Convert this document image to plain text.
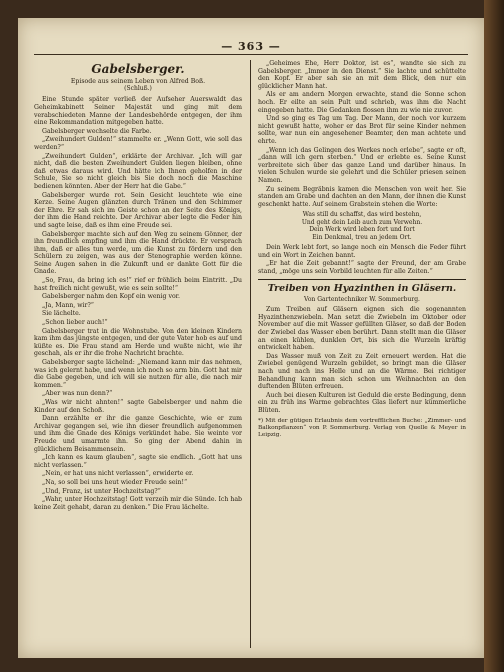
— 363 —
Gabelsberger.
Episode aus seinem Leben von Alfred Boß.
(Schluß.)

Eine Stunde später verließ der Aufseher Auerswaldt das Geheimkabinett Seiner Majestät und ging mit dem verabschiedeten Manne der Landesbehörde entgegen, der ihm eine Rekommandation mitgegeben hatte.

Gabelsberger wechselte die Farbe.

„Zweihundert Gulden!“ stammelte er. „Wenn Gott, wie soll das werden?“

„Zweihundert Gulden“, erklärte der Archivar. „Ich will gar nicht, daß die besten Zweihundert Gulden liegen bleiben, ohne daß etwas daraus wird. Und hätte ich Ihnen geholfen in der Schule, Sie so nicht gleich bis Sie doch noch die Maschine bedienen könnten. Aber der Herr hat die Gabe.“

Gabelsberger wurde rot. Sein Gesicht leuchtete wie eine Kerze. Seine Augen glänzten durch Tränen und den Schimmer der Ehre. Er sah sich im Geiste schon an der Seite des Königs, der ihm die Hand reichte. Der Archivar aber legte die Feder hin und sagte leise, daß es ihm eine Freude sei.

Gabelsberger machte sich auf den Weg zu seinem Gönner, der ihn freundlich empfing und ihm die Hand drückte. Er versprach ihm, daß er alles tun werde, um die Kunst zu fördern und den Schülern zu zeigen, was aus der Stenographie werden könne. Seine Augen sahen in die Zukunft und er dankte Gott für die Gnade.

„So, Frau, da bring ich es!“ rief er fröhlich beim Eintritt. „Du hast freilich nicht gewußt, wie es sein sollte!“

Gabelsberger nahm den Kopf ein wenig vor.

„Ja, Mann, wir?“

Sie lächelte.

„Schon lieber auch!“

Gabelsberger trat in die Wohnstube. Von den kleinen Kindern kam ihm das jüngste entgegen, und der gute Vater hob es auf und küßte es. Die Frau stand am Herde und wußte nicht, wie ihr geschah, als er ihr die frohe Nachricht brachte.

Gabelsberger sagte lächelnd: „Niemand kann mir das nehmen, was ich gelernt habe, und wenn ich noch so arm bin. Gott hat mir die Gabe gegeben, und ich will sie nutzen für alle, die nach mir kommen.“

„Aber was nun denn?“

„Was wir nicht ahnten!“ sagte Gabelsberger und nahm die Kinder auf den Schoß.

Dann erzählte er ihr die ganze Geschichte, wie er zum Archivar gegangen sei, wie ihn dieser freundlich aufgenommen und ihm die Gnade des Königs verkündet habe. Sie weinte vor Freude und umarmte ihn. So ging der Abend dahin in glücklichem Beisammensein.

„Ich kann es kaum glauben“, sagte sie endlich. „Gott hat uns nicht verlassen.“

„Nein, er hat uns nicht verlassen“, erwiderte er.

„Na, so soll bei uns heut wieder Freude sein!“

„Und, Franz, ist unter Hochzeitstag?“

„Wahr, unter Hochzeitstag! Gott verzeih mir die Sünde. Ich hab keine Zeit gehabt, daran zu denken.“ Die Frau lächelte.

„Geheimes Ehe, Herr Doktor, ist es“, wandte sie sich zu Gabelsberger. „Immer in den Dienst.“ Sie lachte und schüttelte den Kopf. Er aber sah sie an mit dem Blick, den nur ein glücklicher Mann hat.

Als er am andern Morgen erwachte, stand die Sonne schon hoch. Er eilte an sein Pult und schrieb, was ihm die Nacht eingegeben hatte. Die Gedanken flossen ihm zu wie nie zuvor.

Und so ging es Tag um Tag. Der Mann, der noch vor kurzem nicht gewußt hatte, woher er das Brot für seine Kinder nehmen sollte, war nun ein angesehener Beamter, den man achtete und ehrte.

„Wenn ich das Gelingen des Werkes noch erlebe“, sagte er oft, „dann will ich gern sterben.“ Und er erlebte es. Seine Kunst verbreitete sich über das ganze Land und darüber hinaus. In vielen Schulen wurde sie gelehrt und die Schüler priesen seinen Namen.

Zu seinem Begräbnis kamen die Menschen von weit her. Sie standen am Grabe und dachten an den Mann, der ihnen die Kunst geschenkt hatte. Auf seinem Grabstein stehen die Worte:

Was still du schaffst, das wird bestehn,
Und geht dein Leib auch zum Verwehn.
Dein Werk wird leben fort und fort
Ein Denkmal, treu an jedem Ort.

Dein Werk lebt fort, so lange noch ein Mensch die Feder führt und ein Wort in Zeichen bannt.

„Er hat die Zeit gebannt!“ sagte der Freund, der am Grabe stand, „möge uns sein Vorbild leuchten für alle Zeiten.“

Treiben von Hyazinthen in Gläsern.
Von Gartentechniker W. Sommerburg.

Zum Treiben auf Gläsern eignen sich die sogenannten Hyazinthenzwiebeln. Man setzt die Zwiebeln im Oktober oder November auf die mit Wasser gefüllten Gläser, so daß der Boden der Zwiebel das Wasser eben berührt. Dann stellt man die Gläser an einen kühlen, dunklen Ort, bis sich die Wurzeln kräftig entwickelt haben.

Das Wasser muß von Zeit zu Zeit erneuert werden. Hat die Zwiebel genügend Wurzeln gebildet, so bringt man die Gläser nach und nach ins Helle und an die Wärme. Bei richtiger Behandlung kann man sich schon um Weihnachten an den duftenden Blüten erfreuen.

Auch bei diesen Kulturen ist Geduld die erste Bedingung, denn ein zu früh ins Warme gebrachtes Glas liefert nur kümmerliche Blüten.

*) Mit der gütigen Erlaubnis dem vortrefflichen Buche: „Zimmer- und Balkonpflanzen“ von P. Sommerburg. Verlag von Quelle & Meyer in Leipzig.
